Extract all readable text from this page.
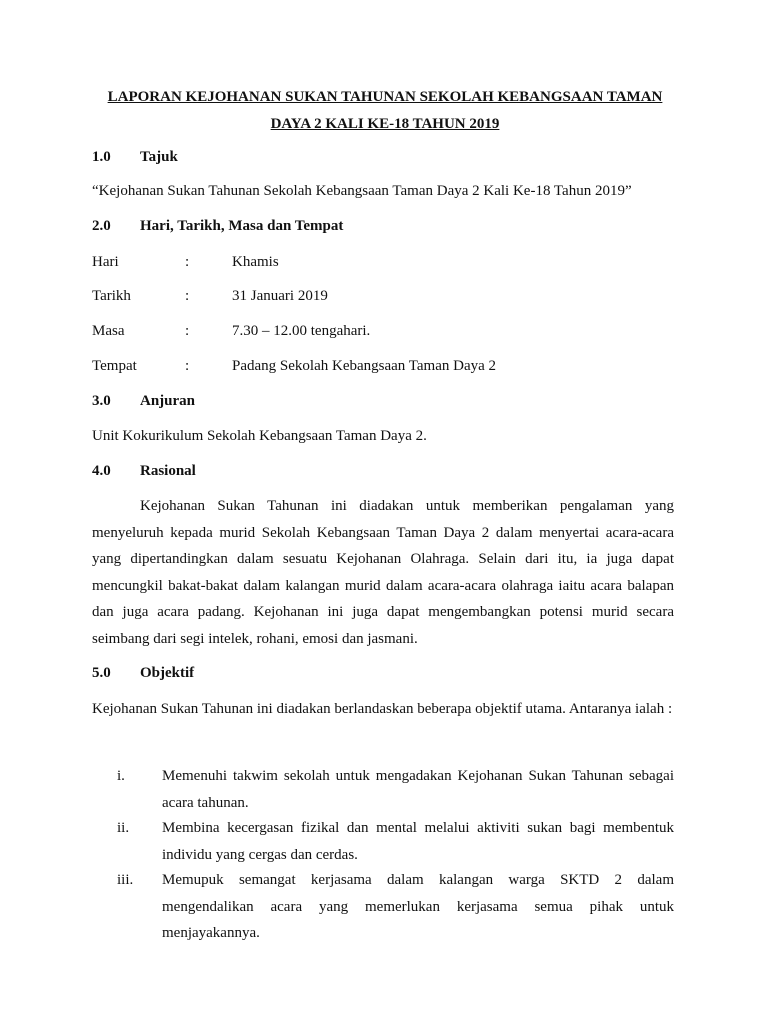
LAPORAN KEJOHANAN SUKAN TAHUNAN SEKOLAH KEBANGSAAN TAMAN
DAYA 2 KALI KE-18 TAHUN 2019
1.0 Tajuk
“Kejohanan Sukan Tahunan Sekolah Kebangsaan Taman Daya 2 Kali Ke-18 Tahun 2019”
2.0 Hari, Tarikh, Masa dan Tempat
Hari	:	Khamis
Tarikh	:	31 Januari 2019
Masa	:	7.30 – 12.00 tengahari.
Tempat	:	Padang Sekolah Kebangsaan Taman Daya 2
3.0 Anjuran
Unit Kokurikulum Sekolah Kebangsaan Taman Daya 2.
4.0 Rasional
Kejohanan Sukan Tahunan ini diadakan untuk memberikan pengalaman yang menyeluruh kepada murid Sekolah Kebangsaan Taman Daya 2 dalam menyertai acara-acara yang dipertandingkan dalam sesuatu Kejohanan Olahraga. Selain dari itu, ia juga dapat mencungkil bakat-bakat dalam kalangan murid dalam acara-acara olahraga iaitu acara balapan dan juga acara padang. Kejohanan ini juga dapat mengembangkan potensi murid secara seimbang dari segi intelek, rohani, emosi dan jasmani.
5.0 Objektif
Kejohanan Sukan Tahunan ini diadakan berlandaskan beberapa objektif utama. Antaranya ialah :
i. Memenuhi takwim sekolah untuk mengadakan Kejohanan Sukan Tahunan sebagai acara tahunan.
ii. Membina kecergasan fizikal dan mental melalui aktiviti sukan bagi membentuk individu yang cergas dan cerdas.
iii. Memupuk semangat kerjasama dalam kalangan warga SKTD 2 dalam mengendalikan acara yang memerlukan kerjasama semua pihak untuk menjayakannya.
